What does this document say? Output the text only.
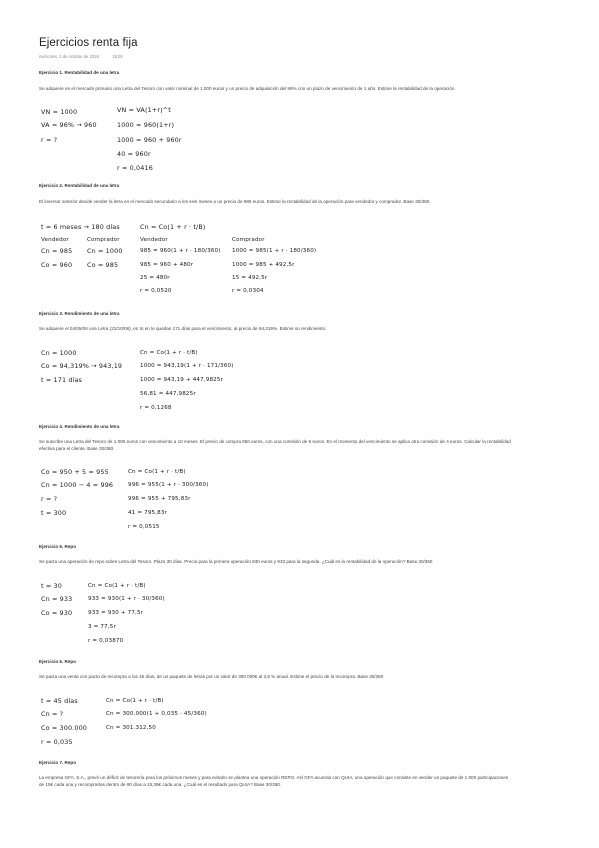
Ejercicios renta fija
miércoles, 3 de octubre de 2018 · 18:28

Ejercicio 1. Rentabilidad de una letra

Se adquiere en el mercado primario una Letra del Tesoro con valor nominal de 1.000 euros y un precio de adquisición del 96% con un plazo de vencimiento de 1 año. Estime la rentabilidad de la operación.

VN = 1000
VA = 96% → 960
r = ?
VN = VA(1+r)^t
1000 = 960(1+r)
1000 = 960 + 960r
40 = 960r
r = 0,0416

Ejercicio 2. Rentabilidad de una letra

El inversor anterior decide vender la letra en el mercado secundario a los seis meses a un precio de 985 euros. Estime la rentabilidad de la operación para vendedor y comprador. Base 30/360.

t = 6 meses → 180 días
Vendedor
Cn = 985
Co = 960
Comprador
Cn = 1000
Co = 985
Cn = Co(1 + r · t/B)
Vendedor
985 = 960(1 + r · 180/360)
985 = 960 + 480r
25 = 480r
r = 0,0520
Comprador
1000 = 985(1 + r · 180/360)
1000 = 985 + 492,5r
15 = 492,5r
r = 0,0304

Ejercicio 3. Rendimiento de una letra

Se adquiere el 04/05/06 una Letra (22/10/06), en to en le quedan 171 días para el vencimiento, al precio de 94,319%. Estime su rendimiento.

Cn = 1000
Co = 94,319% → 943,19
t = 171 días
Cn = Co(1 + r · t/B)
1000 = 943,19(1 + r · 171/360)
1000 = 943,19 + 447,9825r
56,81 = 447,9825r
r = 0,1268

Ejercicio 4. Rendimiento de una letra

Se suscribe una Letra del Tesoro de 1.000 euros con vencimiento a 10 meses. El precio de compra 950 euros, con una comisión de 5 euros. En el momento del vencimiento se aplica otra comisión de 4 euros. Calcular la rentabilidad efectiva para el cliente. Base 30/360.

Co = 950 + 5 = 955
Cn = 1000 − 4 = 996
r = ?
t = 300
Cn = Co(1 + r · t/B)
996 = 955(1 + r · 300/360)
996 = 955 + 795,83r
41 = 795,83r
r = 0,0515

Ejercicio 5. Repo

Se pacta una operación de repo sobre Letra del Tesoro. Plazo 30 días. Precio para la primera operación 930 euros y 933 para la segunda. ¿Cuál es la rentabilidad de la operación? Base 30/360

t = 30
Cn = 933
Co = 930
Cn = Co(1 + r · t/B)
933 = 930(1 + r · 30/360)
933 = 930 + 77,5r
3 = 77,5r
r = 0,03870

Ejercicio 6. Repo

Se pacta una venta con pacto de recompra a los 45 días, de un paquete de letras por un valor de 300.000€ al 3,5 % anual. Estime el precio de la recompra. Base 30/360

t = 45 días
Cn = ?
Co = 300.000
r = 0,035
Cn = Co(1 + r · t/B)
Cn = 300.000(1 + 0,035 · 45/360)
Cn = 301.312,50

Ejercicio 7. Repo

La empresa GFA, S.A., prevé un déficit de tesorería para los próximos meses y para evitarlo se plantea una operación REPO. Así GFA acuerda con QUIA, una operación que consiste en vender un paquete de 1.000 participaciones de 15€ cada una y recomprarlas dentro de 90 días a 15,36€ cada una. ¿Cuál es el resultado para QUIA? Base 30/360.
